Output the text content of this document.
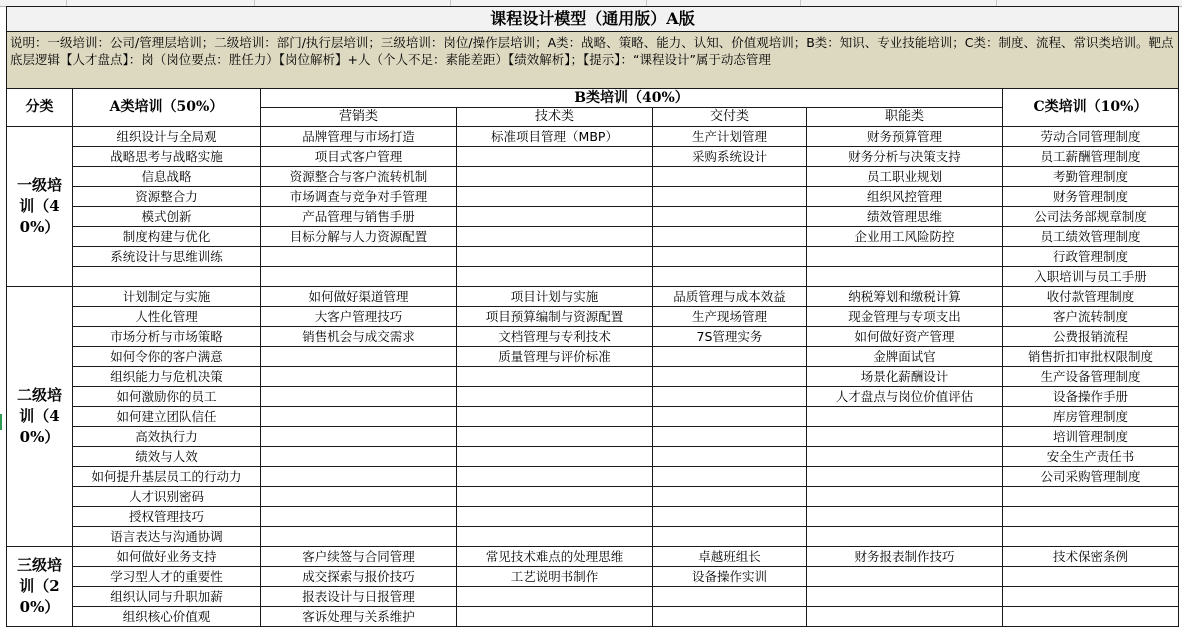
课程设计模型（通用版）A版						
说明：一级培训：公司/管理层培训；二级培训：部门/执行层培训；三级培训：岗位/操作层培训；A类：战略、策略、能力、认知、价值观培训；B类：知识、专业技能培训；C类：制度、流程、常识类培训。靶点底层逻辑【人才盘点】：岗（岗位要点：胜任力）【岗位解析】+人（个人不足：素能差距）【绩效解析】；【提示】：“课程设计”属于动态管理						
分类	A类培训（50%）	B类培训（40%）				C类培训（10%）
		营销类	技术类	交付类	职能类	
一级培训（40%）	组织设计与全局观	品牌管理与市场打造	标准项目管理（MBP）	生产计划管理	财务预算管理	劳动合同管理制度
	战略思考与战略实施	项目式客户管理		采购系统设计	财务分析与决策支持	员工薪酬管理制度
	信息战略	资源整合与客户流转机制			员工职业规划	考勤管理制度
	资源整合力	市场调查与竞争对手管理			组织风控管理	财务管理制度
	模式创新	产品管理与销售手册			绩效管理思维	公司法务部规章制度
	制度构建与优化	目标分解与人力资源配置			企业用工风险防控	员工绩效管理制度
	系统设计与思维训练					行政管理制度
						入职培训与员工手册
二级培训（40%）	计划制定与实施	如何做好渠道管理	项目计划与实施	品质管理与成本效益	纳税筹划和缴税计算	收付款管理制度
	人性化管理	大客户管理技巧	项目预算编制与资源配置	生产现场管理	现金管理与专项支出	客户流转制度
	市场分析与市场策略	销售机会与成交需求	文档管理与专利技术	7S管理实务	如何做好资产管理	公费报销流程
	如何令你的客户满意		质量管理与评价标准		金牌面试官	销售折扣审批权限制度
	组织能力与危机决策				场景化薪酬设计	生产设备管理制度
	如何激励你的员工				人才盘点与岗位价值评估	设备操作手册
	如何建立团队信任					库房管理制度
	高效执行力					培训管理制度
	绩效与人效					安全生产责任书
	如何提升基层员工的行动力					公司采购管理制度
	人才识别密码					
	授权管理技巧					
	语言表达与沟通协调					
三级培训（20%）	如何做好业务支持	客户续签与合同管理	常见技术难点的处理思维	卓越班组长	财务报表制作技巧	技术保密条例
	学习型人才的重要性	成交探索与报价技巧	工艺说明书制作	设备操作实训		
	组织认同与升职加薪	报表设计与日报管理				
	组织核心价值观	客诉处理与关系维护				
